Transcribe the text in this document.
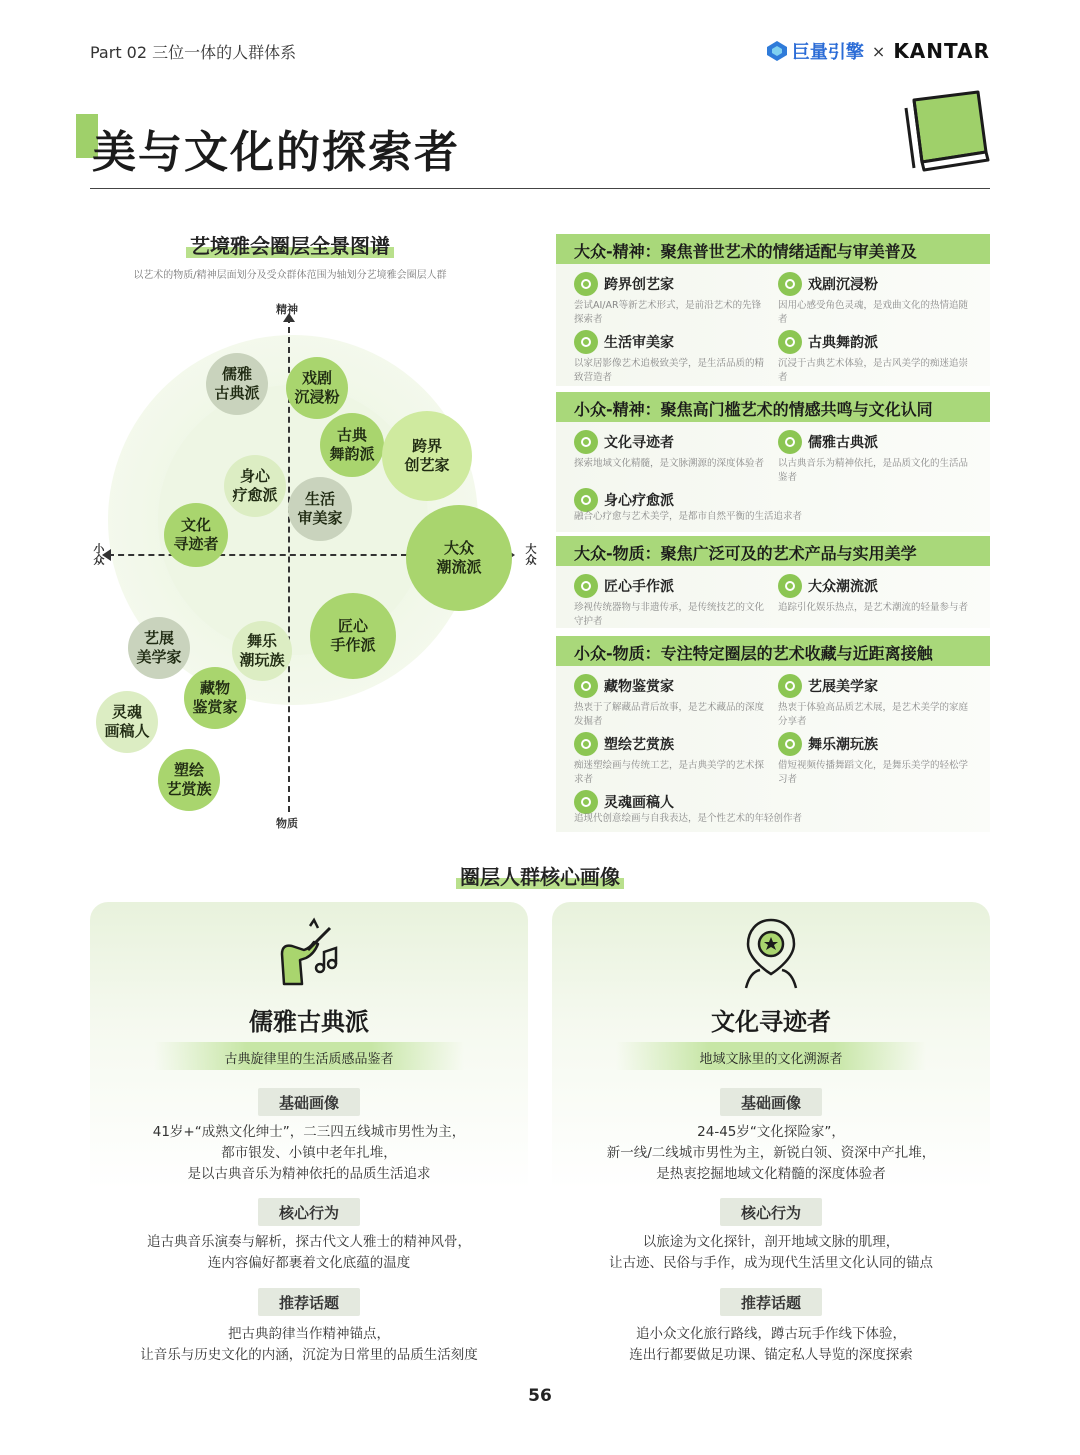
Part 02 三位一体的人群体系	巨量引擎 × KANTAR
美与文化的探索者
艺境雅会圈层全景图谱
以艺术的物质/精神层面划分及受众群体范围为轴划分艺境雅会圈层人群
精神
物质
小众	大众
儒雅
古典派
戏剧
沉浸粉
古典
舞韵派	跨界
创艺家
身心
疗愈派	生活
审美家
文化
寻迹者	大众
潮流派
艺展
美学家
舞乐
潮玩族
匠心
手作派
藏物
鉴赏家
灵魂
画稿人
塑绘
艺赏族
大众-精神：聚焦普世艺术的情绪适配与审美普及
跨界创艺家
尝试AI/AR等新艺术形式，是前沿艺术的先锋探索者
戏剧沉浸粉
因用心感受角色灵魂，是戏曲文化的热情追随者
生活审美家
以家居影像艺术追极致美学，是生活品质的精致营造者
古典舞韵派
沉浸于古典艺术体验，是古风美学的痴迷追崇者
小众-精神：聚焦高门槛艺术的情感共鸣与文化认同
文化寻迹者
探索地域文化精髓，是文脉溯源的深度体验者
儒雅古典派
以古典音乐为精神依托，是品质文化的生活品鉴者
身心疗愈派
融合心疗愈与艺术美学，是都市自然平衡的生活追求者
大众-物质：聚焦广泛可及的艺术产品与实用美学
匠心手作派
珍视传统器物与非遗传承，是传统技艺的文化守护者
大众潮流派
追踪引化娱乐热点，是艺术潮流的轻量参与者
小众-物质：专注特定圈层的艺术收藏与近距离接触
藏物鉴赏家
热衷于了解藏品背后故事，是艺术藏品的深度发掘者
艺展美学家
热衷于体验高品质艺术展，是艺术美学的家庭分享者
塑绘艺赏族
痴迷塑绘画与传统工艺，是古典美学的艺术探求者
舞乐潮玩族
借短视频传播舞蹈文化，是舞乐美学的轻松学习者
灵魂画稿人
追现代创意绘画与自我表达，是个性艺术的年轻创作者
圈层人群核心画像
儒雅古典派
古典旋律里的生活质感品鉴者
基础画像
41岁+“成熟文化绅士”，二三四五线城市男性为主，
都市银发、小镇中老年扎堆，
是以古典音乐为精神依托的品质生活追求
核心行为
追古典音乐演奏与解析，探古代文人雅士的精神风骨，
连内容偏好都裹着文化底蕴的温度
推荐话题
把古典韵律当作精神锚点，
让音乐与历史文化的内涵，沉淀为日常里的品质生活刻度
文化寻迹者
地域文脉里的文化溯源者
基础画像
24-45岁“文化探险家”，
新一线/二线城市男性为主，新锐白领、资深中产扎堆，
是热衷挖掘地域文化精髓的深度体验者
核心行为
以旅途为文化探针，剖开地域文脉的肌理，
让古迹、民俗与手作，成为现代生活里文化认同的锚点
推荐话题
追小众文化旅行路线，蹲古玩手作线下体验，
连出行都要做足功课、锚定私人导览的深度探索
56
